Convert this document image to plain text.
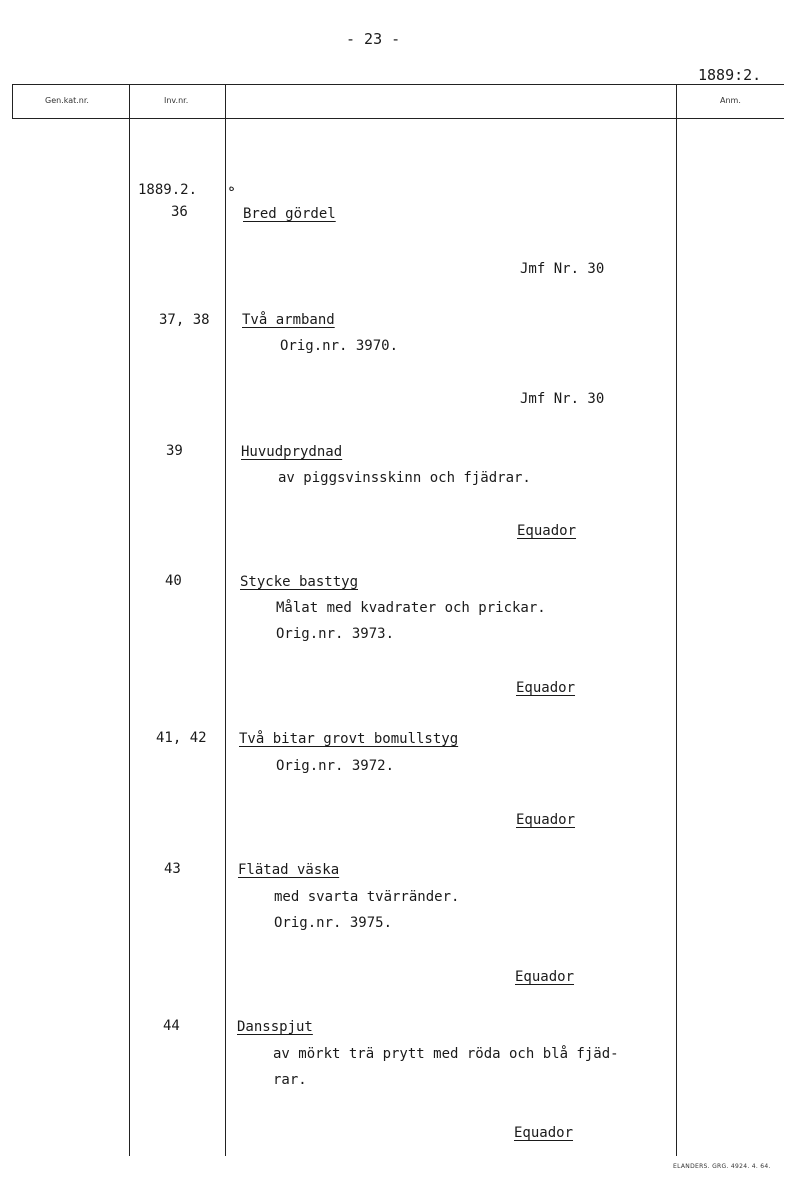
- 23 -
1889:2.
Gen.kat.nr.	Inv.nr.	Anm.
1889.2.	ه
36	Bred gördel
Jmf Nr. 30
37, 38 Två armband
Orig.nr. 3970.
Jmf Nr. 30
39	Huvudprydnad
av piggsvinsskinn och fjädrar.
Equador
40	Stycke basttyg
Målat med kvadrater och prickar.
Orig.nr. 3973.
Equador
41, 42 Två bitar grovt bomullstyg
Orig.nr. 3972.
Equador
43	Flätad väska
med svarta tvärränder.
Orig.nr. 3975.
Equador
44	Dansspjut
av mörkt trä prytt med röda och blå fjäd-
rar.
Equador
ELANDERS. GRG. 4924. 4. 64.
